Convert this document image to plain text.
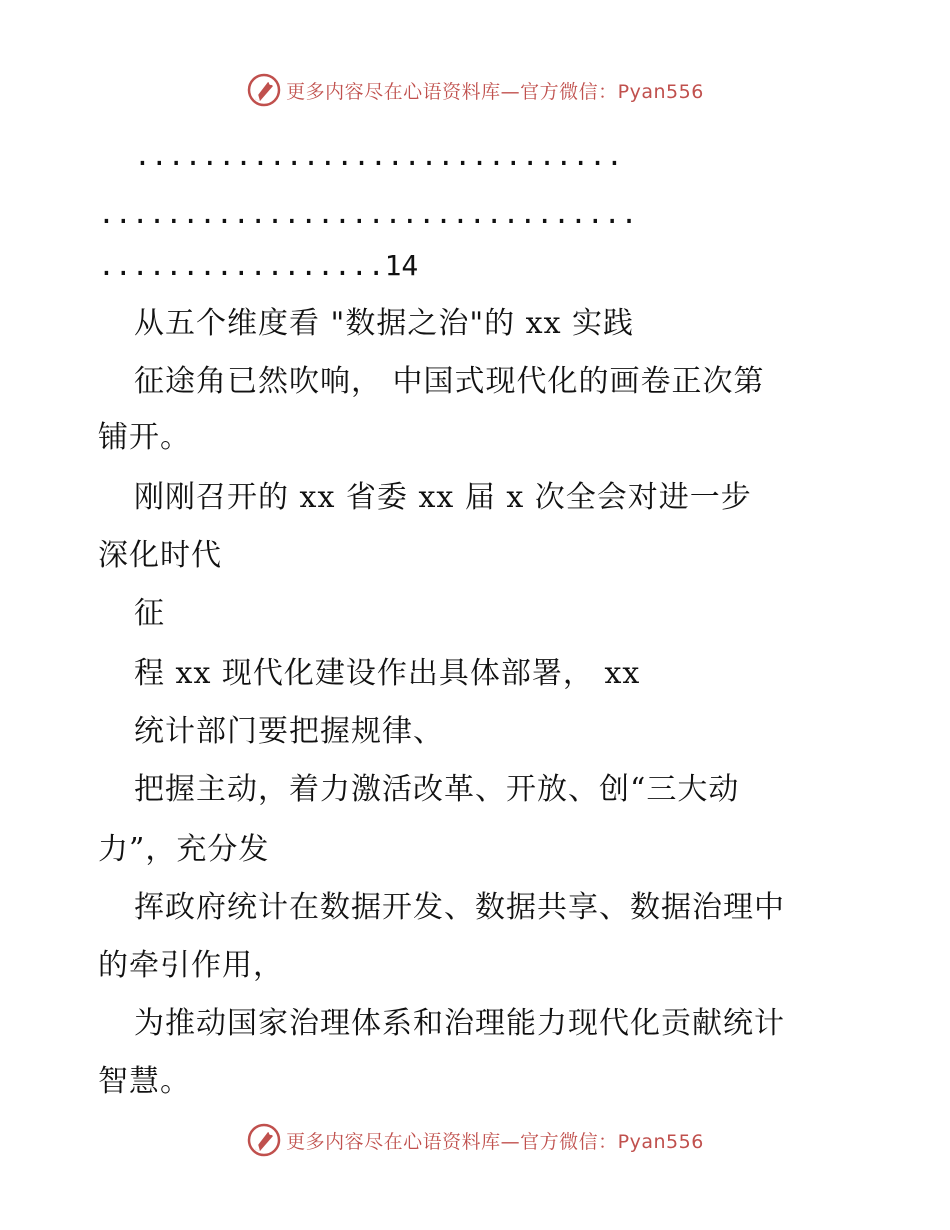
更多内容尽在心语资料库—官方微信：Pyan556
.............................
................................
.................14
从五个维度看 "数据之治"的 xx 实践
征途角已然吹响， 中国式现代化的画卷正次第
铺开。
刚刚召开的 xx 省委 xx 届 x 次全会对进一步
深化时代
征
程 xx 现代化建设作出具体部署， xx
统计部门要把握规律、
把握主动，着力激活改革、开放、创“三大动
力”，充分发
挥政府统计在数据开发、数据共享、数据治理中
的牵引作用，
为推动国家治理体系和治理能力现代化贡献统计
智慧。
更多内容尽在心语资料库—官方微信：Pyan556
